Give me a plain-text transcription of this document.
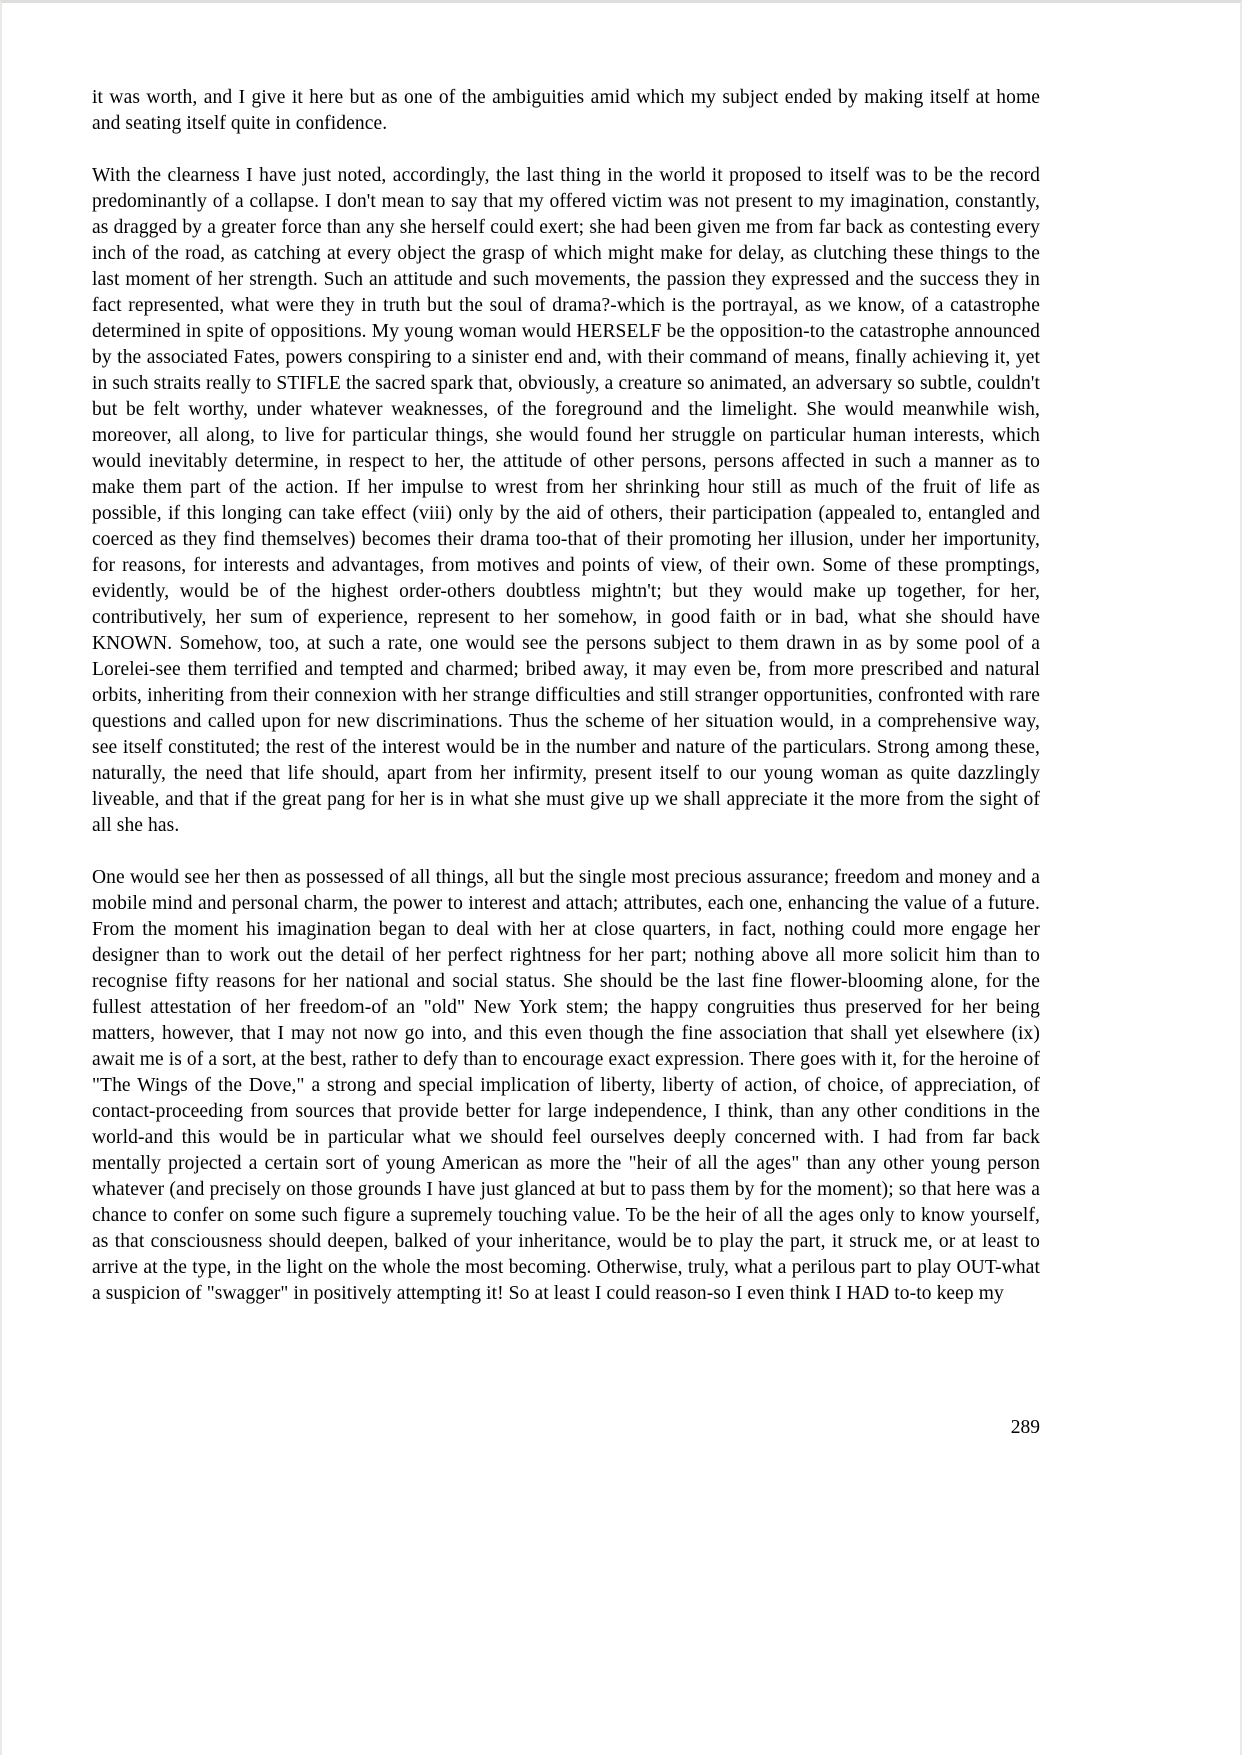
it was worth, and I give it here but as one of the ambiguities amid which my subject ended by making itself at home and seating itself quite in confidence.

With the clearness I have just noted, accordingly, the last thing in the world it proposed to itself was to be the record predominantly of a collapse. I don't mean to say that my offered victim was not present to my imagination, constantly, as dragged by a greater force than any she herself could exert; she had been given me from far back as contesting every inch of the road, as catching at every object the grasp of which might make for delay, as clutching these things to the last moment of her strength. Such an attitude and such movements, the passion they expressed and the success they in fact represented, what were they in truth but the soul of drama?-which is the portrayal, as we know, of a catastrophe determined in spite of oppositions. My young woman would HERSELF be the opposition-to the catastrophe announced by the associated Fates, powers conspiring to a sinister end and, with their command of means, finally achieving it, yet in such straits really to STIFLE the sacred spark that, obviously, a creature so animated, an adversary so subtle, couldn't but be felt worthy, under whatever weaknesses, of the foreground and the limelight. She would meanwhile wish, moreover, all along, to live for particular things, she would found her struggle on particular human interests, which would inevitably determine, in respect to her, the attitude of other persons, persons affected in such a manner as to make them part of the action. If her impulse to wrest from her shrinking hour still as much of the fruit of life as possible, if this longing can take effect (viii) only by the aid of others, their participation (appealed to, entangled and coerced as they find themselves) becomes their drama too-that of their promoting her illusion, under her importunity, for reasons, for interests and advantages, from motives and points of view, of their own. Some of these promptings, evidently, would be of the highest order-others doubtless mightn't; but they would make up together, for her, contributively, her sum of experience, represent to her somehow, in good faith or in bad, what she should have KNOWN. Somehow, too, at such a rate, one would see the persons subject to them drawn in as by some pool of a Lorelei-see them terrified and tempted and charmed; bribed away, it may even be, from more prescribed and natural orbits, inheriting from their connexion with her strange difficulties and still stranger opportunities, confronted with rare questions and called upon for new discriminations. Thus the scheme of her situation would, in a comprehensive way, see itself constituted; the rest of the interest would be in the number and nature of the particulars. Strong among these, naturally, the need that life should, apart from her infirmity, present itself to our young woman as quite dazzlingly liveable, and that if the great pang for her is in what she must give up we shall appreciate it the more from the sight of all she has.

One would see her then as possessed of all things, all but the single most precious assurance; freedom and money and a mobile mind and personal charm, the power to interest and attach; attributes, each one, enhancing the value of a future. From the moment his imagination began to deal with her at close quarters, in fact, nothing could more engage her designer than to work out the detail of her perfect rightness for her part; nothing above all more solicit him than to recognise fifty reasons for her national and social status. She should be the last fine flower-blooming alone, for the fullest attestation of her freedom-of an "old" New York stem; the happy congruities thus preserved for her being matters, however, that I may not now go into, and this even though the fine association that shall yet elsewhere (ix) await me is of a sort, at the best, rather to defy than to encourage exact expression. There goes with it, for the heroine of "The Wings of the Dove," a strong and special implication of liberty, liberty of action, of choice, of appreciation, of contact-proceeding from sources that provide better for large independence, I think, than any other conditions in the world-and this would be in particular what we should feel ourselves deeply concerned with. I had from far back mentally projected a certain sort of young American as more the "heir of all the ages" than any other young person whatever (and precisely on those grounds I have just glanced at but to pass them by for the moment); so that here was a chance to confer on some such figure a supremely touching value. To be the heir of all the ages only to know yourself, as that consciousness should deepen, balked of your inheritance, would be to play the part, it struck me, or at least to arrive at the type, in the light on the whole the most becoming. Otherwise, truly, what a perilous part to play OUT-what a suspicion of "swagger" in positively attempting it! So at least I could reason-so I even think I HAD to-to keep my

289
